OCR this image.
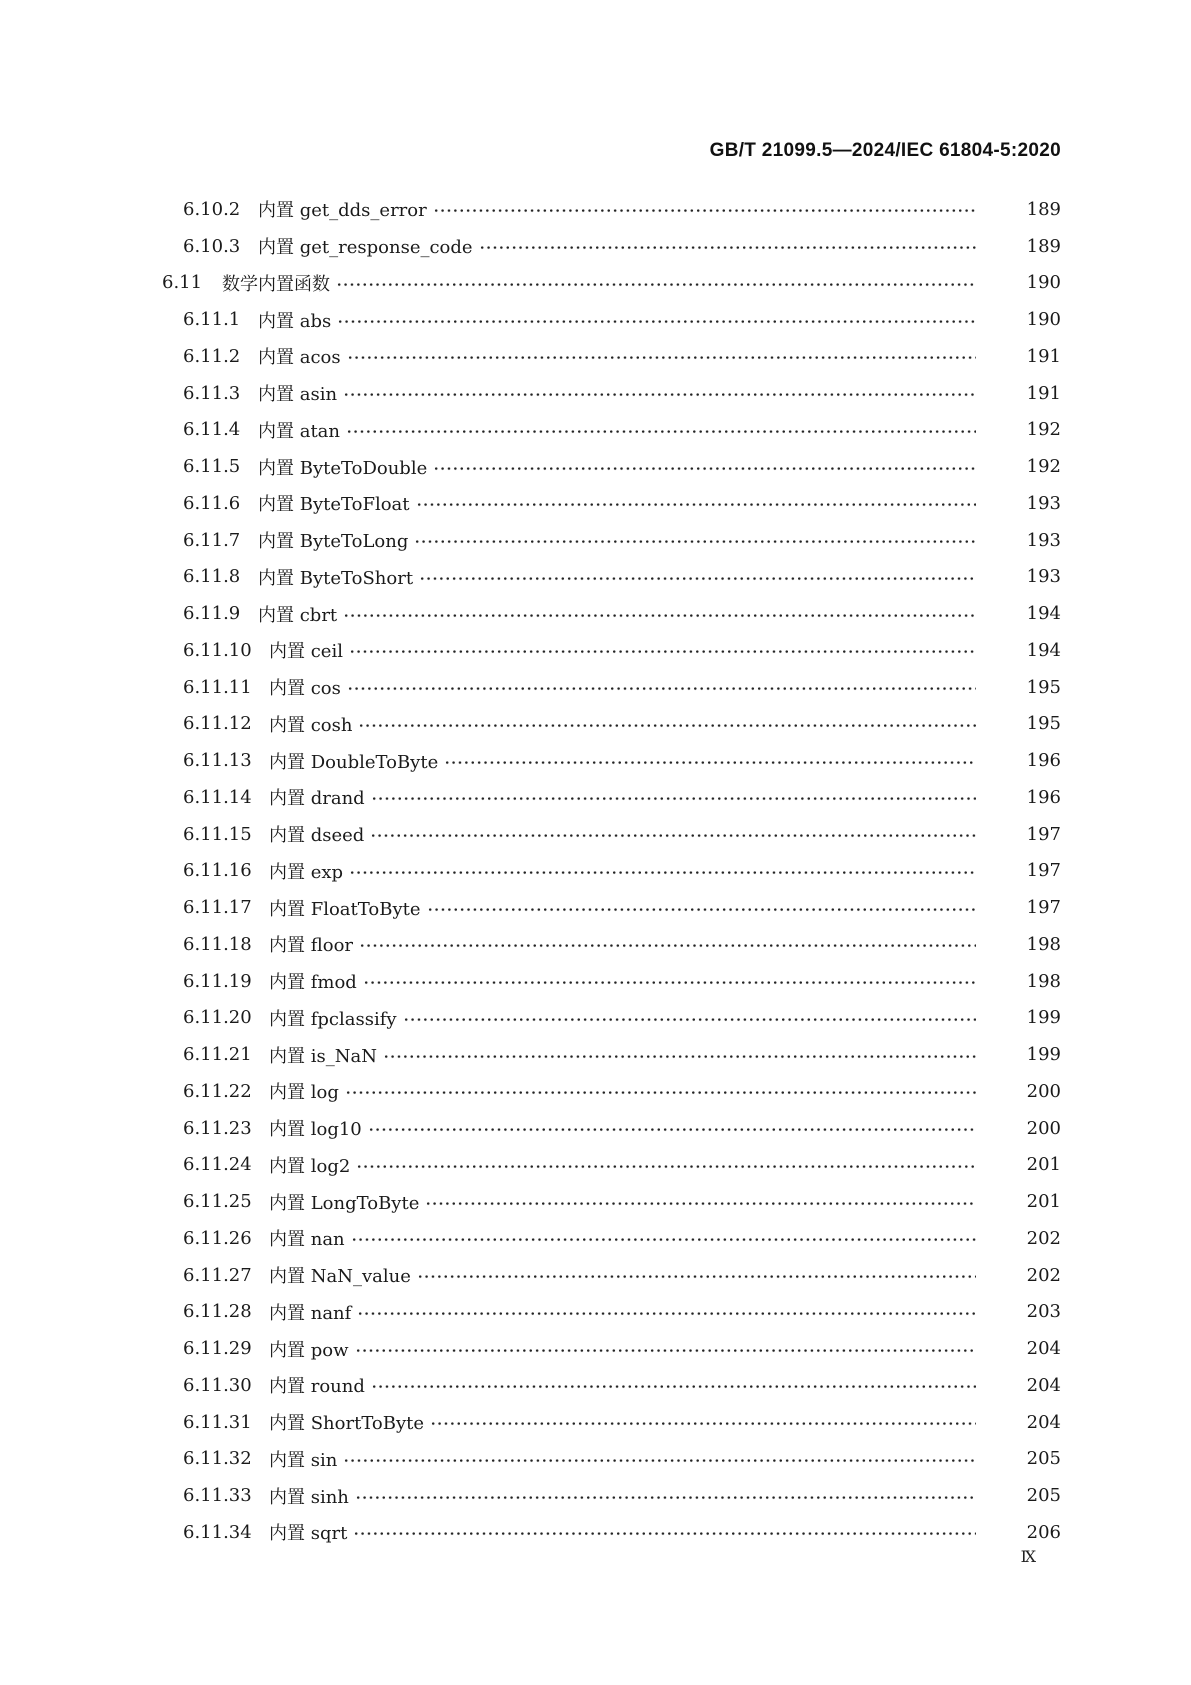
GB/T 21099.5—2024/IEC 61804-5:2020
6.10.2 内置 get_dds_error	189
6.10.3 内置 get_response_code	189
6.11 数学内置函数	190
6.11.1 内置 abs	190
6.11.2 内置 acos	191
6.11.3 内置 asin	191
6.11.4 内置 atan	192
6.11.5 内置 ByteToDouble	192
6.11.6 内置 ByteToFloat	193
6.11.7 内置 ByteToLong	193
6.11.8 内置 ByteToShort	193
6.11.9 内置 cbrt	194
6.11.10 内置 ceil	194
6.11.11 内置 cos	195
6.11.12 内置 cosh	195
6.11.13 内置 DoubleToByte	196
6.11.14 内置 drand	196
6.11.15 内置 dseed	197
6.11.16 内置 exp	197
6.11.17 内置 FloatToByte	197
6.11.18 内置 floor	198
6.11.19 内置 fmod	198
6.11.20 内置 fpclassify	199
6.11.21 内置 is_NaN	199
6.11.22 内置 log	200
6.11.23 内置 log10	200
6.11.24 内置 log2	201
6.11.25 内置 LongToByte	201
6.11.26 内置 nan	202
6.11.27 内置 NaN_value	202
6.11.28 内置 nanf	203
6.11.29 内置 pow	204
6.11.30 内置 round	204
6.11.31 内置 ShortToByte	204
6.11.32 内置 sin	205
6.11.33 内置 sinh	205
6.11.34 内置 sqrt	206
Ⅸ
